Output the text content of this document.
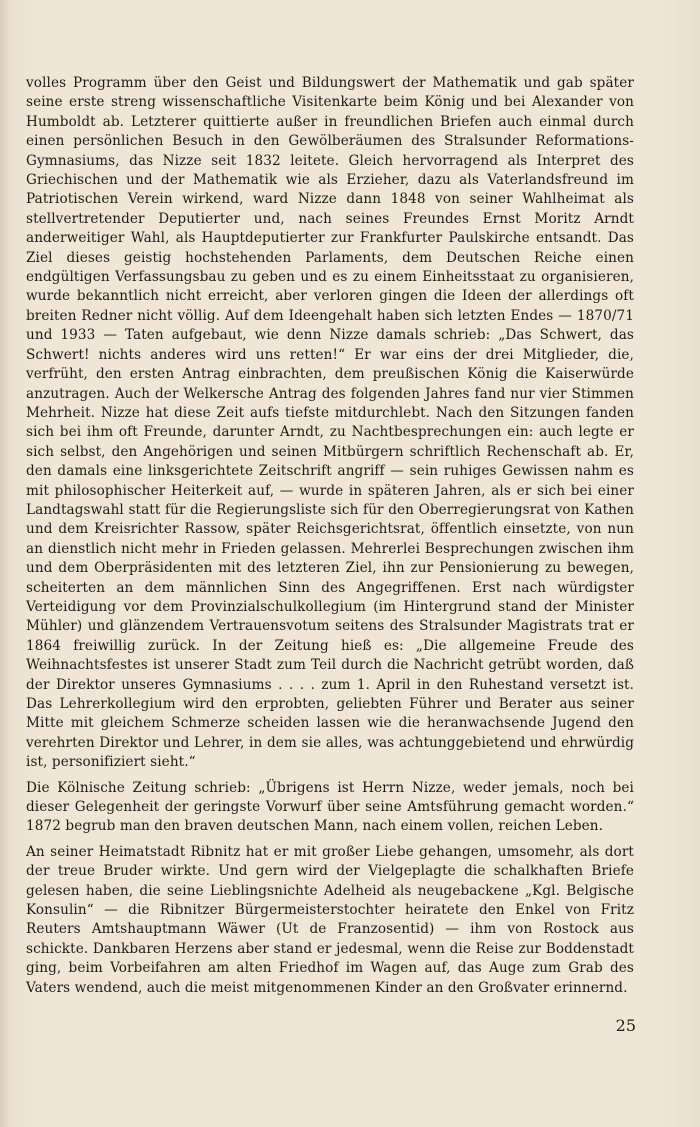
volles Programm über den Geist und Bildungswert der Mathematik und gab später seine erste streng wissenschaftliche Visitenkarte beim König und bei Alexander von Humboldt ab. Letzterer quittierte außer in freundlichen Briefen auch einmal durch einen persönlichen Besuch in den Gewölberäumen des Stralsunder Reformations-Gymnasiums, das Nizze seit 1832 leitete. Gleich hervorragend als Interpret des Griechischen und der Mathematik wie als Erzieher, dazu als Vaterlandsfreund im Patriotischen Verein wirkend, ward Nizze dann 1848 von seiner Wahlheimat als stellvertretender Deputierter und, nach seines Freundes Ernst Moritz Arndt anderweitiger Wahl, als Hauptdeputierter zur Frankfurter Paulskirche entsandt. Das Ziel dieses geistig hochstehenden Parlaments, dem Deutschen Reiche einen endgültigen Verfassungsbau zu geben und es zu einem Einheitsstaat zu organisieren, wurde bekanntlich nicht erreicht, aber verloren gingen die Ideen der allerdings oft breiten Redner nicht völlig. Auf dem Ideengehalt haben sich letzten Endes — 1870/71 und 1933 — Taten aufgebaut, wie denn Nizze damals schrieb: „Das Schwert, das Schwert! nichts anderes wird uns retten!“ Er war eins der drei Mitglieder, die, verfrüht, den ersten Antrag einbrachten, dem preußischen König die Kaiserwürde anzutragen. Auch der Welkersche Antrag des folgenden Jahres fand nur vier Stimmen Mehrheit. Nizze hat diese Zeit aufs tiefste mitdurchlebt. Nach den Sitzungen fanden sich bei ihm oft Freunde, darunter Arndt, zu Nachtbesprechungen ein: auch legte er sich selbst, den Angehörigen und seinen Mitbürgern schriftlich Rechenschaft ab. Er, den damals eine linksgerichtete Zeitschrift angriff — sein ruhiges Gewissen nahm es mit philosophischer Heiterkeit auf, — wurde in späteren Jahren, als er sich bei einer Landtagswahl statt für die Regierungsliste sich für den Oberregierungsrat von Kathen und dem Kreisrichter Rassow, später Reichsgerichtsrat, öffentlich einsetzte, von nun an dienstlich nicht mehr in Frieden gelassen. Mehrerlei Besprechungen zwischen ihm und dem Oberpräsidenten mit des letzteren Ziel, ihn zur Pensionierung zu bewegen, scheiterten an dem männlichen Sinn des Angegriffenen. Erst nach würdigster Verteidigung vor dem Provinzialschulkollegium (im Hintergrund stand der Minister Mühler) und glänzendem Vertrauensvotum seitens des Stralsunder Magistrats trat er 1864 freiwillig zurück. In der Zeitung hieß es: „Die allgemeine Freude des Weihnachtsfestes ist unserer Stadt zum Teil durch die Nachricht getrübt worden, daß der Direktor unseres Gymnasiums . . . . zum 1. April in den Ruhestand versetzt ist. Das Lehrerkollegium wird den erprobten, geliebten Führer und Berater aus seiner Mitte mit gleichem Schmerze scheiden lassen wie die heranwachsende Jugend den verehrten Direktor und Lehrer, in dem sie alles, was achtunggebietend und ehrwürdig ist, personifiziert sieht.“

Die Kölnische Zeitung schrieb: „Übrigens ist Herrn Nizze, weder jemals, noch bei dieser Gelegenheit der geringste Vorwurf über seine Amtsführung gemacht worden.“ 1872 begrub man den braven deutschen Mann, nach einem vollen, reichen Leben.

An seiner Heimatstadt Ribnitz hat er mit großer Liebe gehangen, umsomehr, als dort der treue Bruder wirkte. Und gern wird der Vielgeplagte die schalkhaften Briefe gelesen haben, die seine Lieblingsnichte Adelheid als neugebackene „Kgl. Belgische Konsulin“ — die Ribnitzer Bürgermeisterstochter heiratete den Enkel von Fritz Reuters Amtshauptmann Wäwer (Ut de Franzosentid) — ihm von Rostock aus schickte. Dankbaren Herzens aber stand er jedesmal, wenn die Reise zur Boddenstadt ging, beim Vorbeifahren am alten Friedhof im Wagen auf, das Auge zum Grab des Vaters wendend, auch die meist mitgenommenen Kinder an den Großvater erinnernd.

25
